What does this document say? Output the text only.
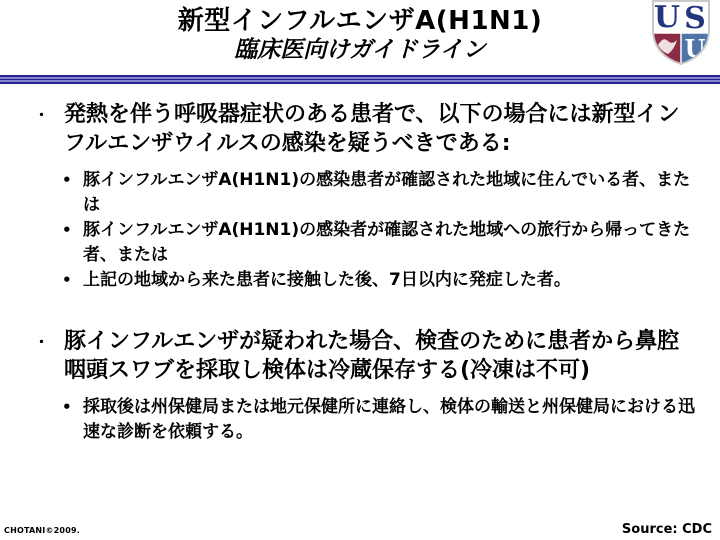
新型インフルエンザA(H1N1)
臨床医向けガイドライン
U S
U
・ 発熱を伴う呼吸器症状のある患者で、以下の場合には新型インフルエンザウイルスの感染を疑うべきである:
• 豚インフルエンザA(H1N1)の感染患者が確認された地域に住んでいる者、または
• 豚インフルエンザA(H1N1)の感染者が確認された地域への旅行から帰ってきた者、または
• 上記の地域から来た患者に接触した後、7日以内に発症した者。
・ 豚インフルエンザが疑われた場合、検査のために患者から鼻腔咽頭スワブを採取し検体は冷蔵保存する(冷凍は不可)
• 採取後は州保健局または地元保健所に連絡し、検体の輸送と州保健局における迅速な診断を依頼する。
CHOTANI©2009.	Source: CDC
